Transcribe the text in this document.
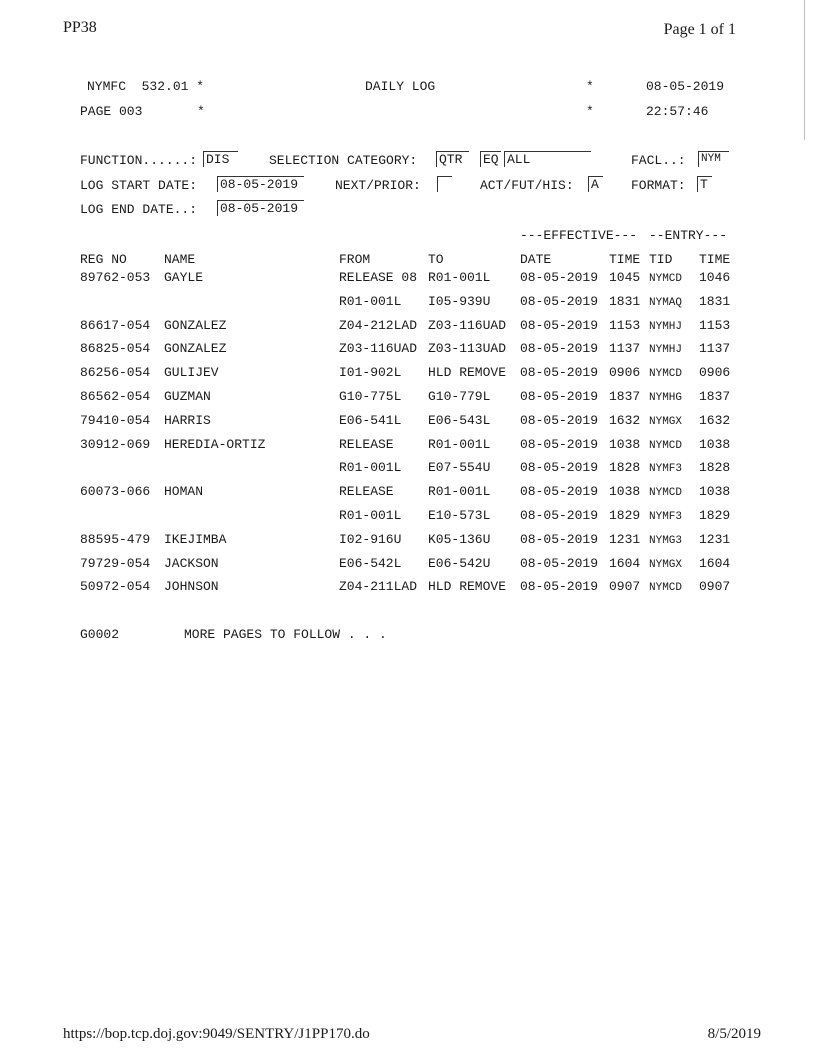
PP38	Page 1 of 1
https://bop.tcp.doj.gov:9049/SENTRY/J1PP170.do	8/5/2019
NYMFC  532.01 *	DAILY LOG	*	08-05-2019
PAGE 003       *	*	22:57:46
FUNCTION......: DIS	SELECTION CATEGORY: QTR	EQ ALL	FACL..: NYM
LOG START DATE: 08-05-2019	NEXT/PRIOR:	ACT/FUT/HIS: A	FORMAT: T
LOG END DATE..: 08-05-2019
---EFFECTIVE--- --ENTRY---
REG NO	NAME	FROM	TO	DATE	TIME TID TIME
89762-053 GAYLE	RELEASE 08 R01-001L 08-05-2019 1045 NYMCD 1046
R01-001L I05-939U 08-05-2019 1831 NYMAQ 1831
86617-054 GONZALEZ	Z04-212LAD Z03-116UAD 08-05-2019 1153 NYMHJ 1153
86825-054 GONZALEZ	Z03-116UAD Z03-113UAD 08-05-2019 1137 NYMHJ 1137
86256-054 GULIJEV	I01-902L HLD REMOVE 08-05-2019 0906 NYMCD 0906
86562-054 GUZMAN	G10-775L G10-779L 08-05-2019 1837 NYMHG 1837
79410-054 HARRIS	E06-541L E06-543L 08-05-2019 1632 NYMGX 1632
30912-069 HEREDIA-ORTIZ	RELEASE	R01-001L 08-05-2019 1038 NYMCD 1038
R01-001L E07-554U 08-05-2019 1828 NYMF3 1828
60073-066 HOMAN	RELEASE	R01-001L 08-05-2019 1038 NYMCD 1038
R01-001L E10-573L 08-05-2019 1829 NYMF3 1829
88595-479 IKEJIMBA	I02-916U K05-136U 08-05-2019 1231 NYMG3 1231
79729-054 JACKSON	E06-542L E06-542U 08-05-2019 1604 NYMGX 1604
50972-054 JOHNSON	Z04-211LAD HLD REMOVE 08-05-2019 0907 NYMCD 0907
G0002	MORE PAGES TO FOLLOW . . .
